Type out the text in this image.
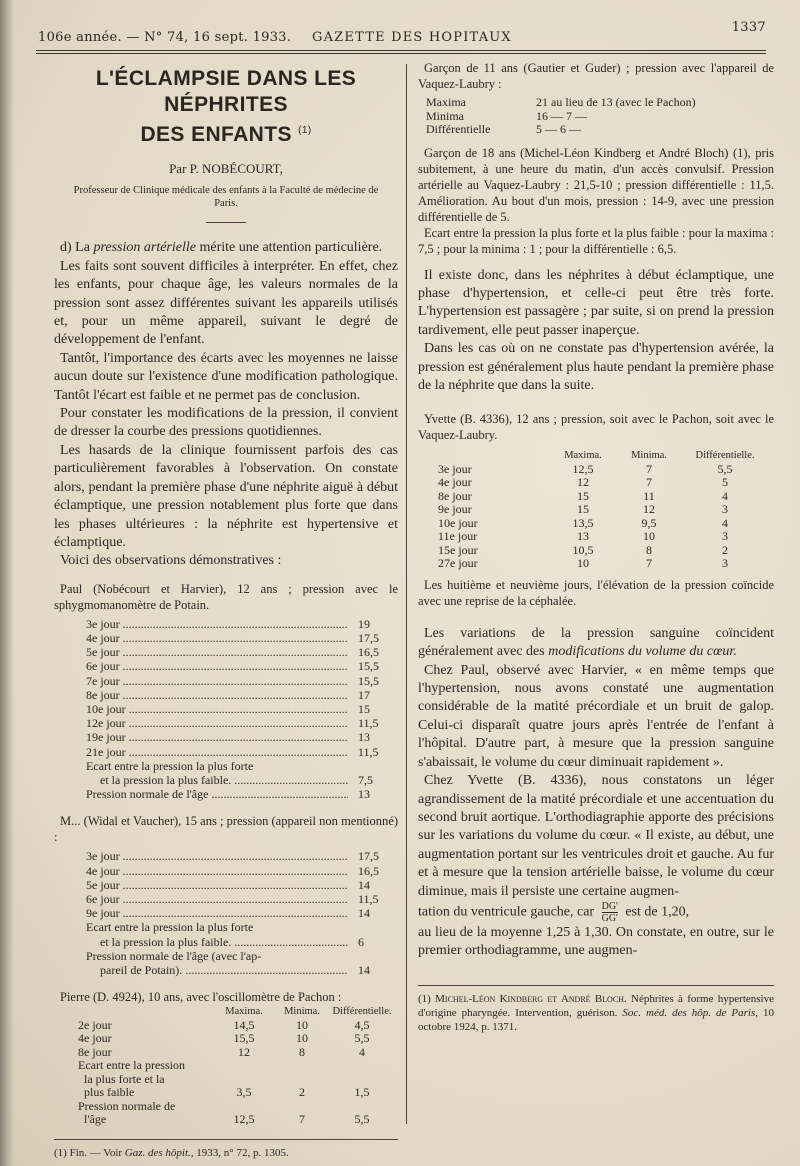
106e année. — N° 74, 16 sept. 1933. GAZETTE DES HOPITAUX
1337
L'ÉCLAMPSIE DANS LES NÉPHRITES
DES ENFANTS $^{(1)}$

Par P. NOBÉCOURT,

Professeur de Clinique médicale des enfants à la Faculté de médecine de Paris.

d) La pression artérielle mérite une attention particulière.

Les faits sont souvent difficiles à interpréter. En effet, chez les enfants, pour chaque âge, les valeurs normales de la pression sont assez différentes suivant les appareils utilisés et, pour un même appareil, suivant le degré de développement de l'enfant.

Tantôt, l'importance des écarts avec les moyennes ne laisse aucun doute sur l'existence d'une modification pathologique. Tantôt l'écart est faible et ne permet pas de conclusion.

Pour constater les modifications de la pression, il convient de dresser la courbe des pressions quotidiennes.

Les hasards de la clinique fournissent parfois des cas particulièrement favorables à l'observation. On constate alors, pendant la première phase d'une néphrite aiguë à début éclamptique, une pression notablement plus forte que dans les phases ultérieures : la néphrite est hypertensive et éclamptique.

Voici des observations démonstratives :

Paul (Nobécourt et Harvier), 12 ans ; pression avec le sphygmomanomètre de Potain.

3e jour .....	19
4e jour .....	17,5
5e jour .....	16,5
6e jour .....	15,5
7e jour .....	15,5
8e jour .....	17
10e jour .....	15
12e jour .....	11,5
19e jour .....	13
21e jour .....	11,5
Ecart entre la pression la plus forte
et la pression la plus faible. .....	7,5
Pression normale de l'âge .....	13

M... (Widal et Vaucher), 15 ans ; pression (appareil non mentionné) :

3e jour .....	17,5
4e jour .....	16,5
5e jour .....	14
6e jour .....	11,5
9e jour .....	14
Ecart entre la pression la plus forte
et la pression la plus faible. .....	6
Pression normale de l'âge (avec l'ap-
pareil de Potain). .....	14

Pierre (D. 4924), 10 ans, avec l'oscillomètre de Pachon :

	Maxima.	Minima.	Différentielle.
2e jour	14,5	10	4,5
4e jour	15,5	10	5,5
8e jour	12	8	4
Ecart entre la pression
la plus forte et la
plus faible	3,5	2	1,5
Pression normale de
l'âge	12,5	7	5,5

(1) Fin. — Voir Gaz. des hôpit., 1933, n° 72, p. 1305.

Garçon de 11 ans (Gautier et Guder) ; pression avec l'appareil de Vaquez-Laubry :

Maxima	21 au lieu de 13 (avec le Pachon)
Minima	16 — 7 —
Différentielle	5 — 6 —

Garçon de 18 ans (Michel-Léon Kindberg et André Bloch) (1), pris subitement, à une heure du matin, d'un accès convulsif. Pression artérielle au Vaquez-Laubry : 21,5-10 ; pression différentielle : 11,5. Amélioration. Au bout d'un mois, pression : 14-9, avec une pression différentielle de 5.

Ecart entre la pression la plus forte et la plus faible : pour la maxima : 7,5 ; pour la minima : 1 ; pour la différentielle : 6,5.

Il existe donc, dans les néphrites à début éclamptique, une phase d'hypertension, et celle-ci peut être très forte. L'hypertension est passagère ; par suite, si on prend la pression tardivement, elle peut passer inaperçue.

Dans les cas où on ne constate pas d'hypertension avérée, la pression est généralement plus haute pendant la première phase de la néphrite que dans la suite.

Yvette (B. 4336), 12 ans ; pression, soit avec le Pachon, soit avec le Vaquez-Laubry.

	Maxima.	Minima.	Différentielle.
3e jour	12,5	7	5,5
4e jour	12	7	5
8e jour	15	11	4
9e jour	15	12	3
10e jour	13,5	9,5	4
11e jour	13	10	3
15e jour	10,5	8	2
27e jour	10	7	3

Les huitième et neuvième jours, l'élévation de la pression coïncide avec une reprise de la céphalée.

Les variations de la pression sanguine coïncident généralement avec des modifications du volume du cœur.

Chez Paul, observé avec Harvier, « en même temps que l'hypertension, nous avons constaté une augmentation considérable de la matité précordiale et un bruit de galop. Celui-ci disparaît quatre jours après l'entrée de l'enfant à l'hôpital. D'autre part, à mesure que la pression sanguine s'abaissait, le volume du cœur diminuait rapidement ».

Chez Yvette (B. 4336), nous constatons un léger agrandissement de la matité précordiale et une accentuation du second bruit aortique. L'orthodiagraphie apporte des précisions sur les variations du volume du cœur. « Il existe, au début, une augmentation portant sur les ventricules droit et gauche. Au fur et à mesure que la tension artérielle baisse, le volume du cœur diminue, mais il persiste une certaine augmen-

tation du ventricule gauche, car $\frac{DG'}{GG'}$ est de 1,20,

au lieu de la moyenne 1,25 à 1,30. On constate, en outre, sur le premier orthodiagramme, une augmen-

(1) Michel-Léon Kindberg et André Bloch. Néphrites à forme hypertensive d'origine pharyngée. Intervention, guérison. Soc. méd. des hôp. de Paris, 10 octobre 1924, p. 1371.
